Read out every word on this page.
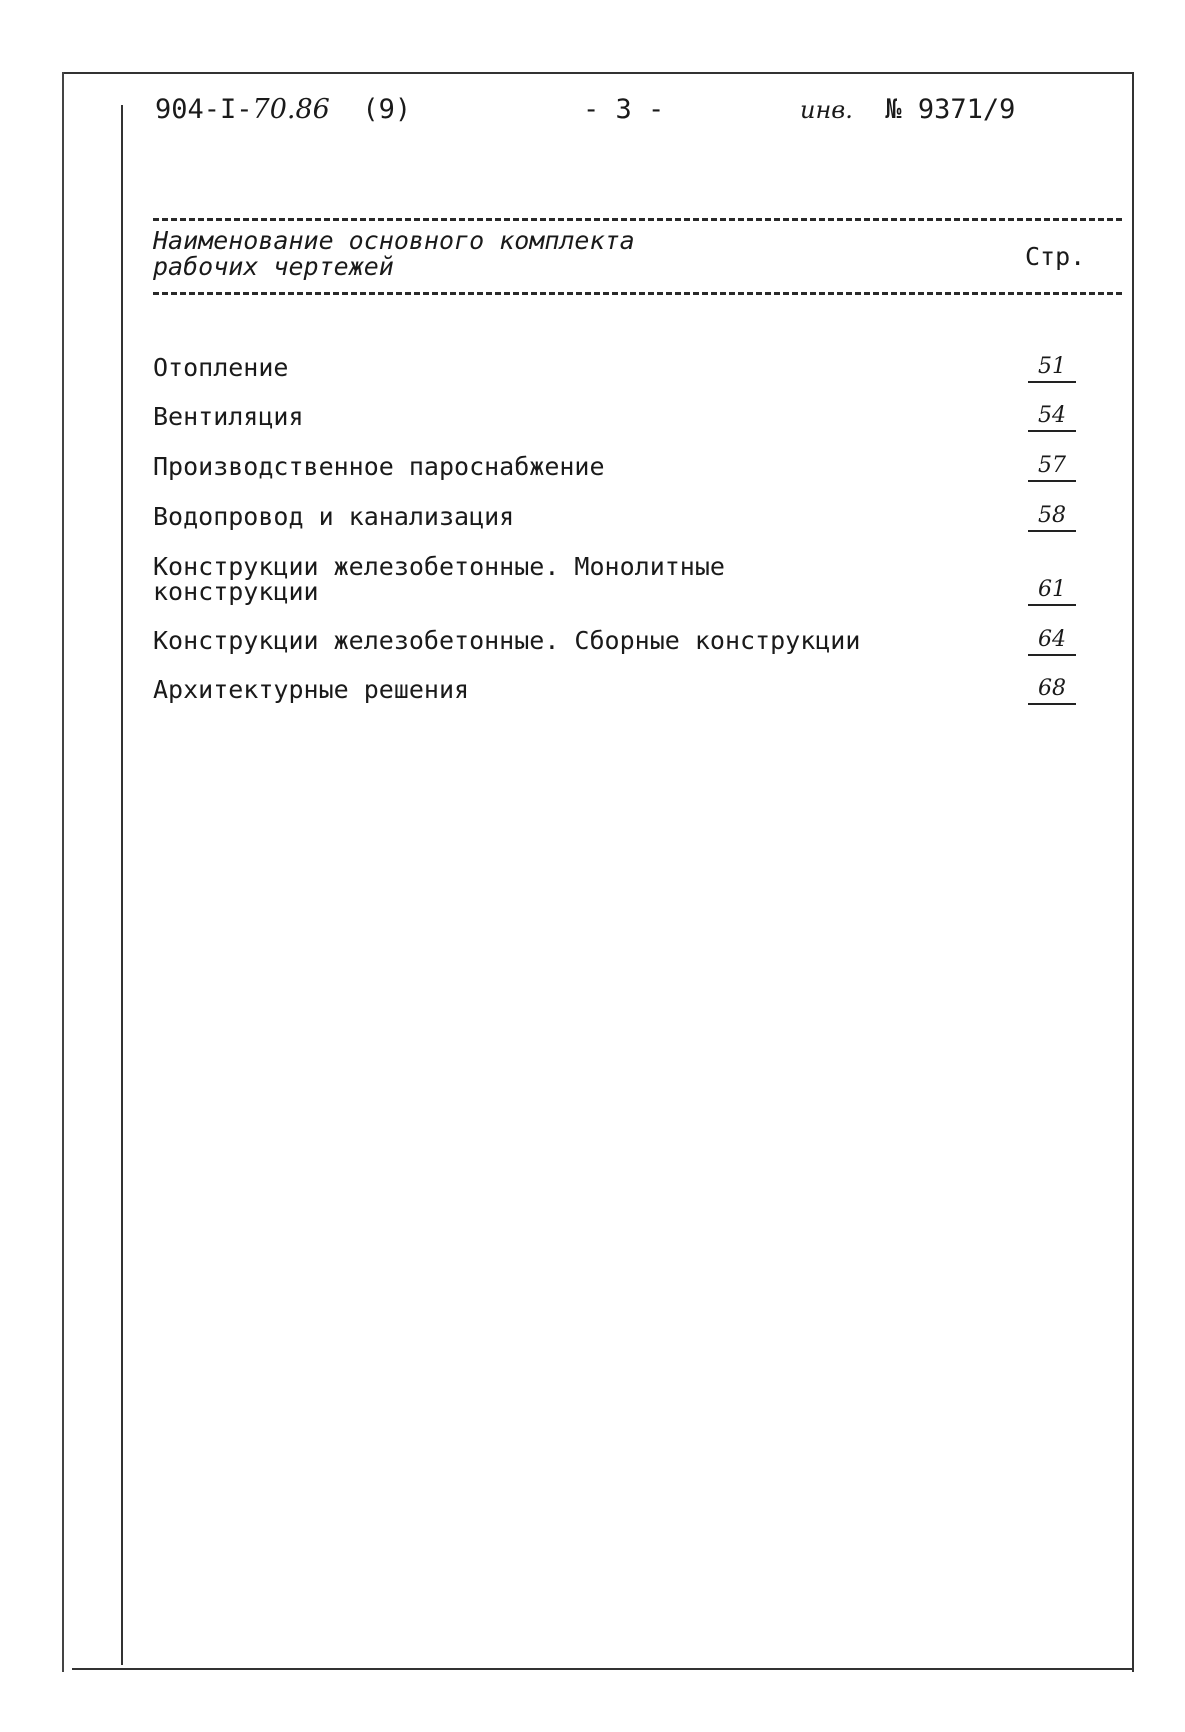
904-I-70.86 (9)	- 3 -	инв. № 9371/9
Наименование основного комплекта
рабочих чертежей	Стр.
Отопление	51
Вентиляция	54
Производственное пароснабжение	57
Водопровод и канализация	58
Конструкции железобетонные. Монолитные
конструкции	61
Конструкции железобетонные. Сборные конструкции	64
Архитектурные решения	68
